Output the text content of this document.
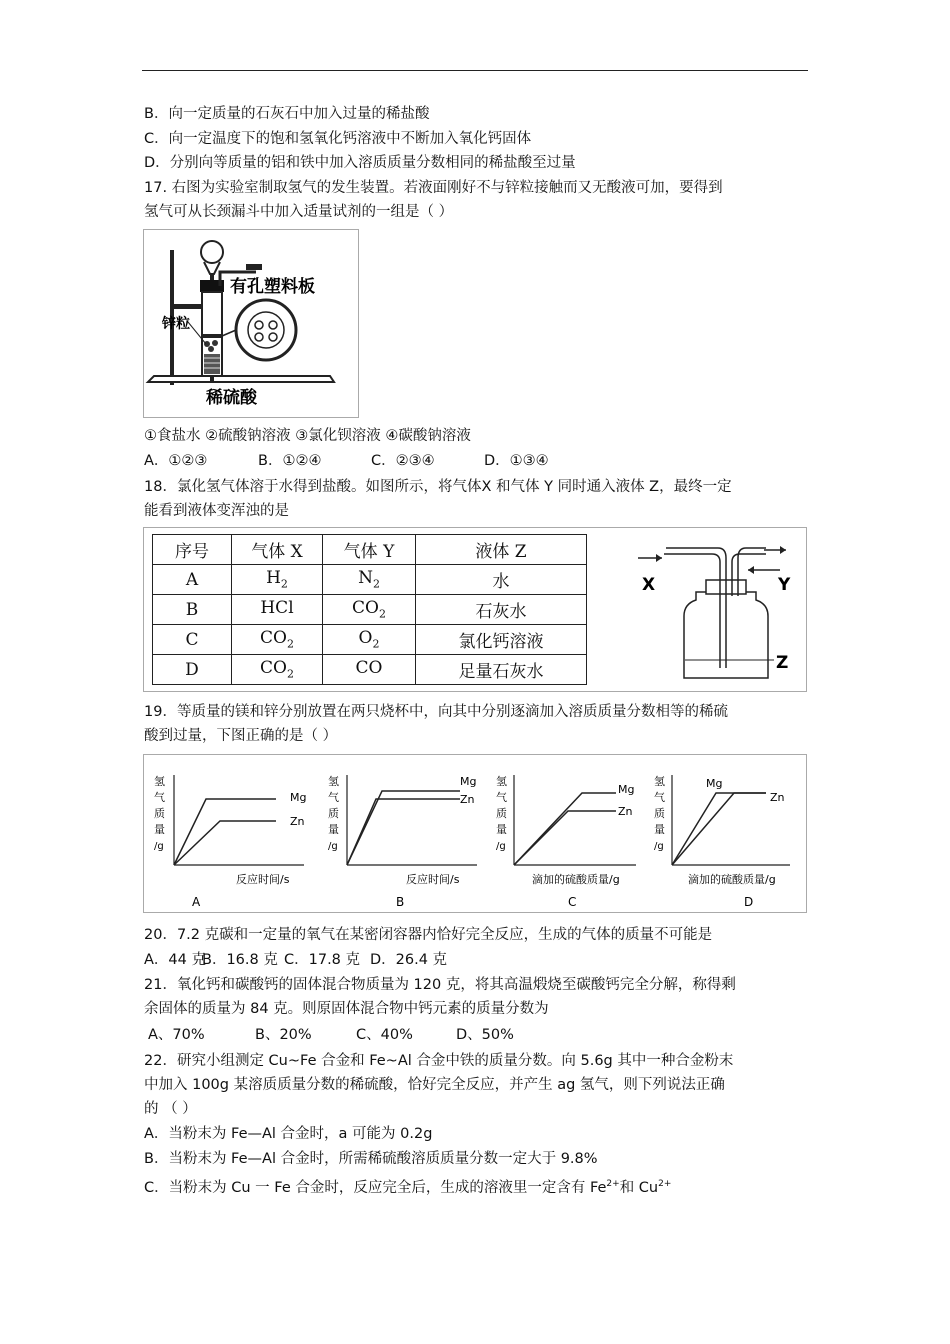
B．向一定质量的石灰石中加入过量的稀盐酸
C．向一定温度下的饱和氢氧化钙溶液中不断加入氧化钙固体
D．分别向等质量的铝和铁中加入溶质质量分数相同的稀盐酸至过量
17. 右图为实验室制取氢气的发生装置。若液面刚好不与锌粒接触而又无酸液可加，要得到
氢气可从长颈漏斗中加入适量试剂的一组是（ ）
有孔塑料板
锌粒
稀硫酸
①食盐水 ②硫酸钠溶液 ③氯化钡溶液 ④碳酸钠溶液
A．①②③	B．①②④	C．②③④	D．①③④
18．氯化氢气体溶于水得到盐酸。如图所示，将气体X 和气体 Y 同时通入液体 Z，最终一定
能看到液体变浑浊的是
序号	气体 X	气体 Y	液体 Z
A	$H_2$	$N_2$	水
B	HCl	$CO_2$	石灰水
C	$CO_2$	$O_2$	氯化钙溶液
D	$CO_2$	CO	足量石灰水
X	Y
Z
19．等质量的镁和锌分别放置在两只烧杯中，向其中分别逐滴加入溶质质量分数相等的稀硫
酸到过量，下图正确的是（ ）
氢
气
质
量
/g
Mg
Zn
反应时间/s
A
氢
气
质
量
/g
Mg
Zn
反应时间/s
B
氢
气
质
量
/g
Mg
Zn
滴加的硫酸质量/g
C
氢
气
质
量
/g
Mg
Zn
滴加的硫酸质量/g
D
20．7.2 克碳和一定量的氧气在某密闭容器内恰好完全反应，生成的气体的质量不可能是
A．44 克B．16.8 克 C．17.8 克 D．26.4 克
21．氧化钙和碳酸钙的固体混合物质量为 120 克，将其高温煅烧至碳酸钙完全分解，称得剩
余固体的质量为 84 克。则原固体混合物中钙元素的质量分数为
A、70%	B、20%	C、40%	D、50%
22．研究小组测定 Cu~Fe 合金和 Fe~Al 合金中铁的质量分数。向 5.6g 其中一种合金粉末
中加入 100g 某溶质质量分数的稀硫酸，恰好完全反应，并产生 ag 氢气，则下列说法正确
的 （ ）
A．当粉末为 Fe—Al 合金时，a 可能为 0.2g
B．当粉末为 Fe—Al 合金时，所需稀硫酸溶质质量分数一定大于 9.8%
C．当粉末为 Cu 一 Fe 合金时，反应完全后，生成的溶液里一定含有 $Fe^{2+}$和 $Cu^{2+}$
